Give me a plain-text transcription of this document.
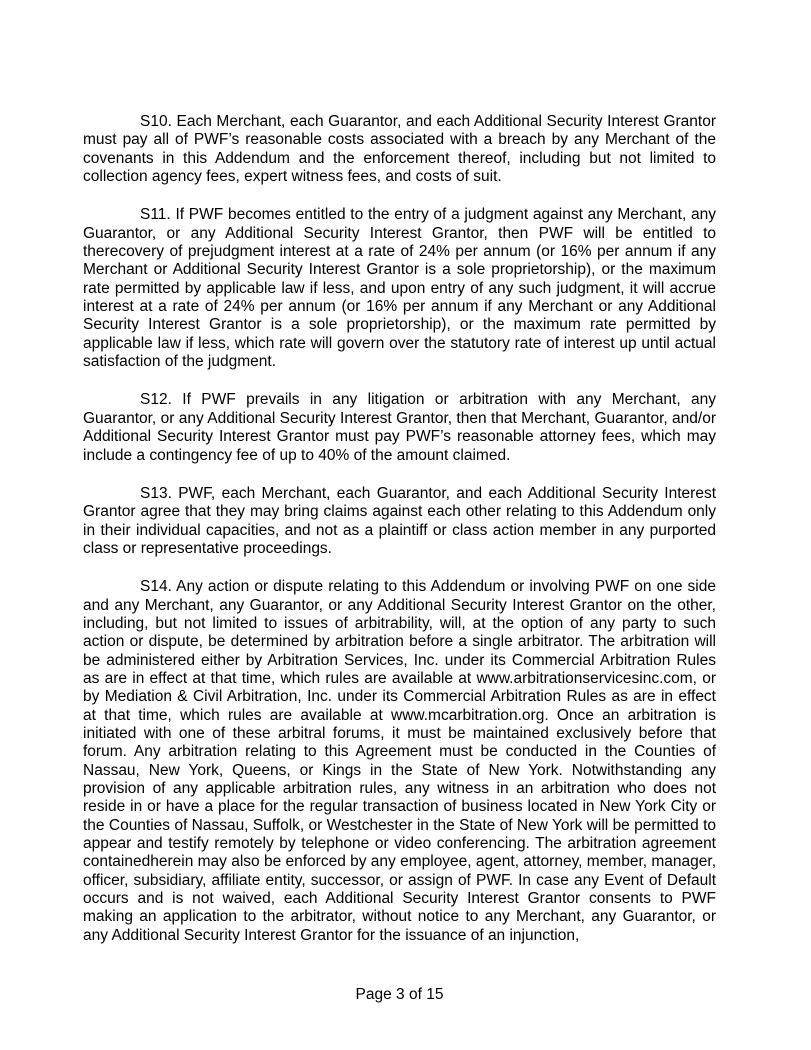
S10. Each Merchant, each Guarantor, and each Additional Security Interest Grantor must pay all of PWF’s reasonable costs associated with a breach by any Merchant of the covenants in this Addendum and the enforcement thereof, including but not limited to collection agency fees, expert witness fees, and costs of suit.

S11. If PWF becomes entitled to the entry of a judgment against any Merchant, any Guarantor, or any Additional Security Interest Grantor, then PWF will be entitled to therecovery of prejudgment interest at a rate of 24% per annum (or 16% per annum if any Merchant or Additional Security Interest Grantor is a sole proprietorship), or the maximum rate permitted by applicable law if less, and upon entry of any such judgment, it will accrue interest at a rate of 24% per annum (or 16% per annum if any Merchant or any Additional Security Interest Grantor is a sole proprietorship), or the maximum rate permitted by applicable law if less, which rate will govern over the statutory rate of interest up until actual satisfaction of the judgment.

S12. If PWF prevails in any litigation or arbitration with any Merchant, any Guarantor, or any Additional Security Interest Grantor, then that Merchant, Guarantor, and/or Additional Security Interest Grantor must pay PWF’s reasonable attorney fees, which may include a contingency fee of up to 40% of the amount claimed.

S13. PWF, each Merchant, each Guarantor, and each Additional Security Interest Grantor agree that they may bring claims against each other relating to this Addendum only in their individual capacities, and not as a plaintiff or class action member in any purported class or representative proceedings.

S14. Any action or dispute relating to this Addendum or involving PWF on one side and any Merchant, any Guarantor, or any Additional Security Interest Grantor on the other, including, but not limited to issues of arbitrability, will, at the option of any party to such action or dispute, be determined by arbitration before a single arbitrator. The arbitration will be administered either by Arbitration Services, Inc. under its Commercial Arbitration Rules as are in effect at that time, which rules are available at www.arbitrationservicesinc.com, or by Mediation & Civil Arbitration, Inc. under its Commercial Arbitration Rules as are in effect at that time, which rules are available at www.mcarbitration.org. Once an arbitration is initiated with one of these arbitral forums, it must be maintained exclusively before that forum. Any arbitration relating to this Agreement must be conducted in the Counties of Nassau, New York, Queens, or Kings in the State of New York. Notwithstanding any provision of any applicable arbitration rules, any witness in an arbitration who does not reside in or have a place for the regular transaction of business located in New York City or the Counties of Nassau, Suffolk, or Westchester in the State of New York will be permitted to appear and testify remotely by telephone or video conferencing. The arbitration agreement containedherein may also be enforced by any employee, agent, attorney, member, manager, officer, subsidiary, affiliate entity, successor, or assign of PWF. In case any Event of Default occurs and is not waived, each Additional Security Interest Grantor consents to PWF making an application to the arbitrator, without notice to any Merchant, any Guarantor, or any Additional Security Interest Grantor for the issuance of an injunction,

Page 3 of 15
